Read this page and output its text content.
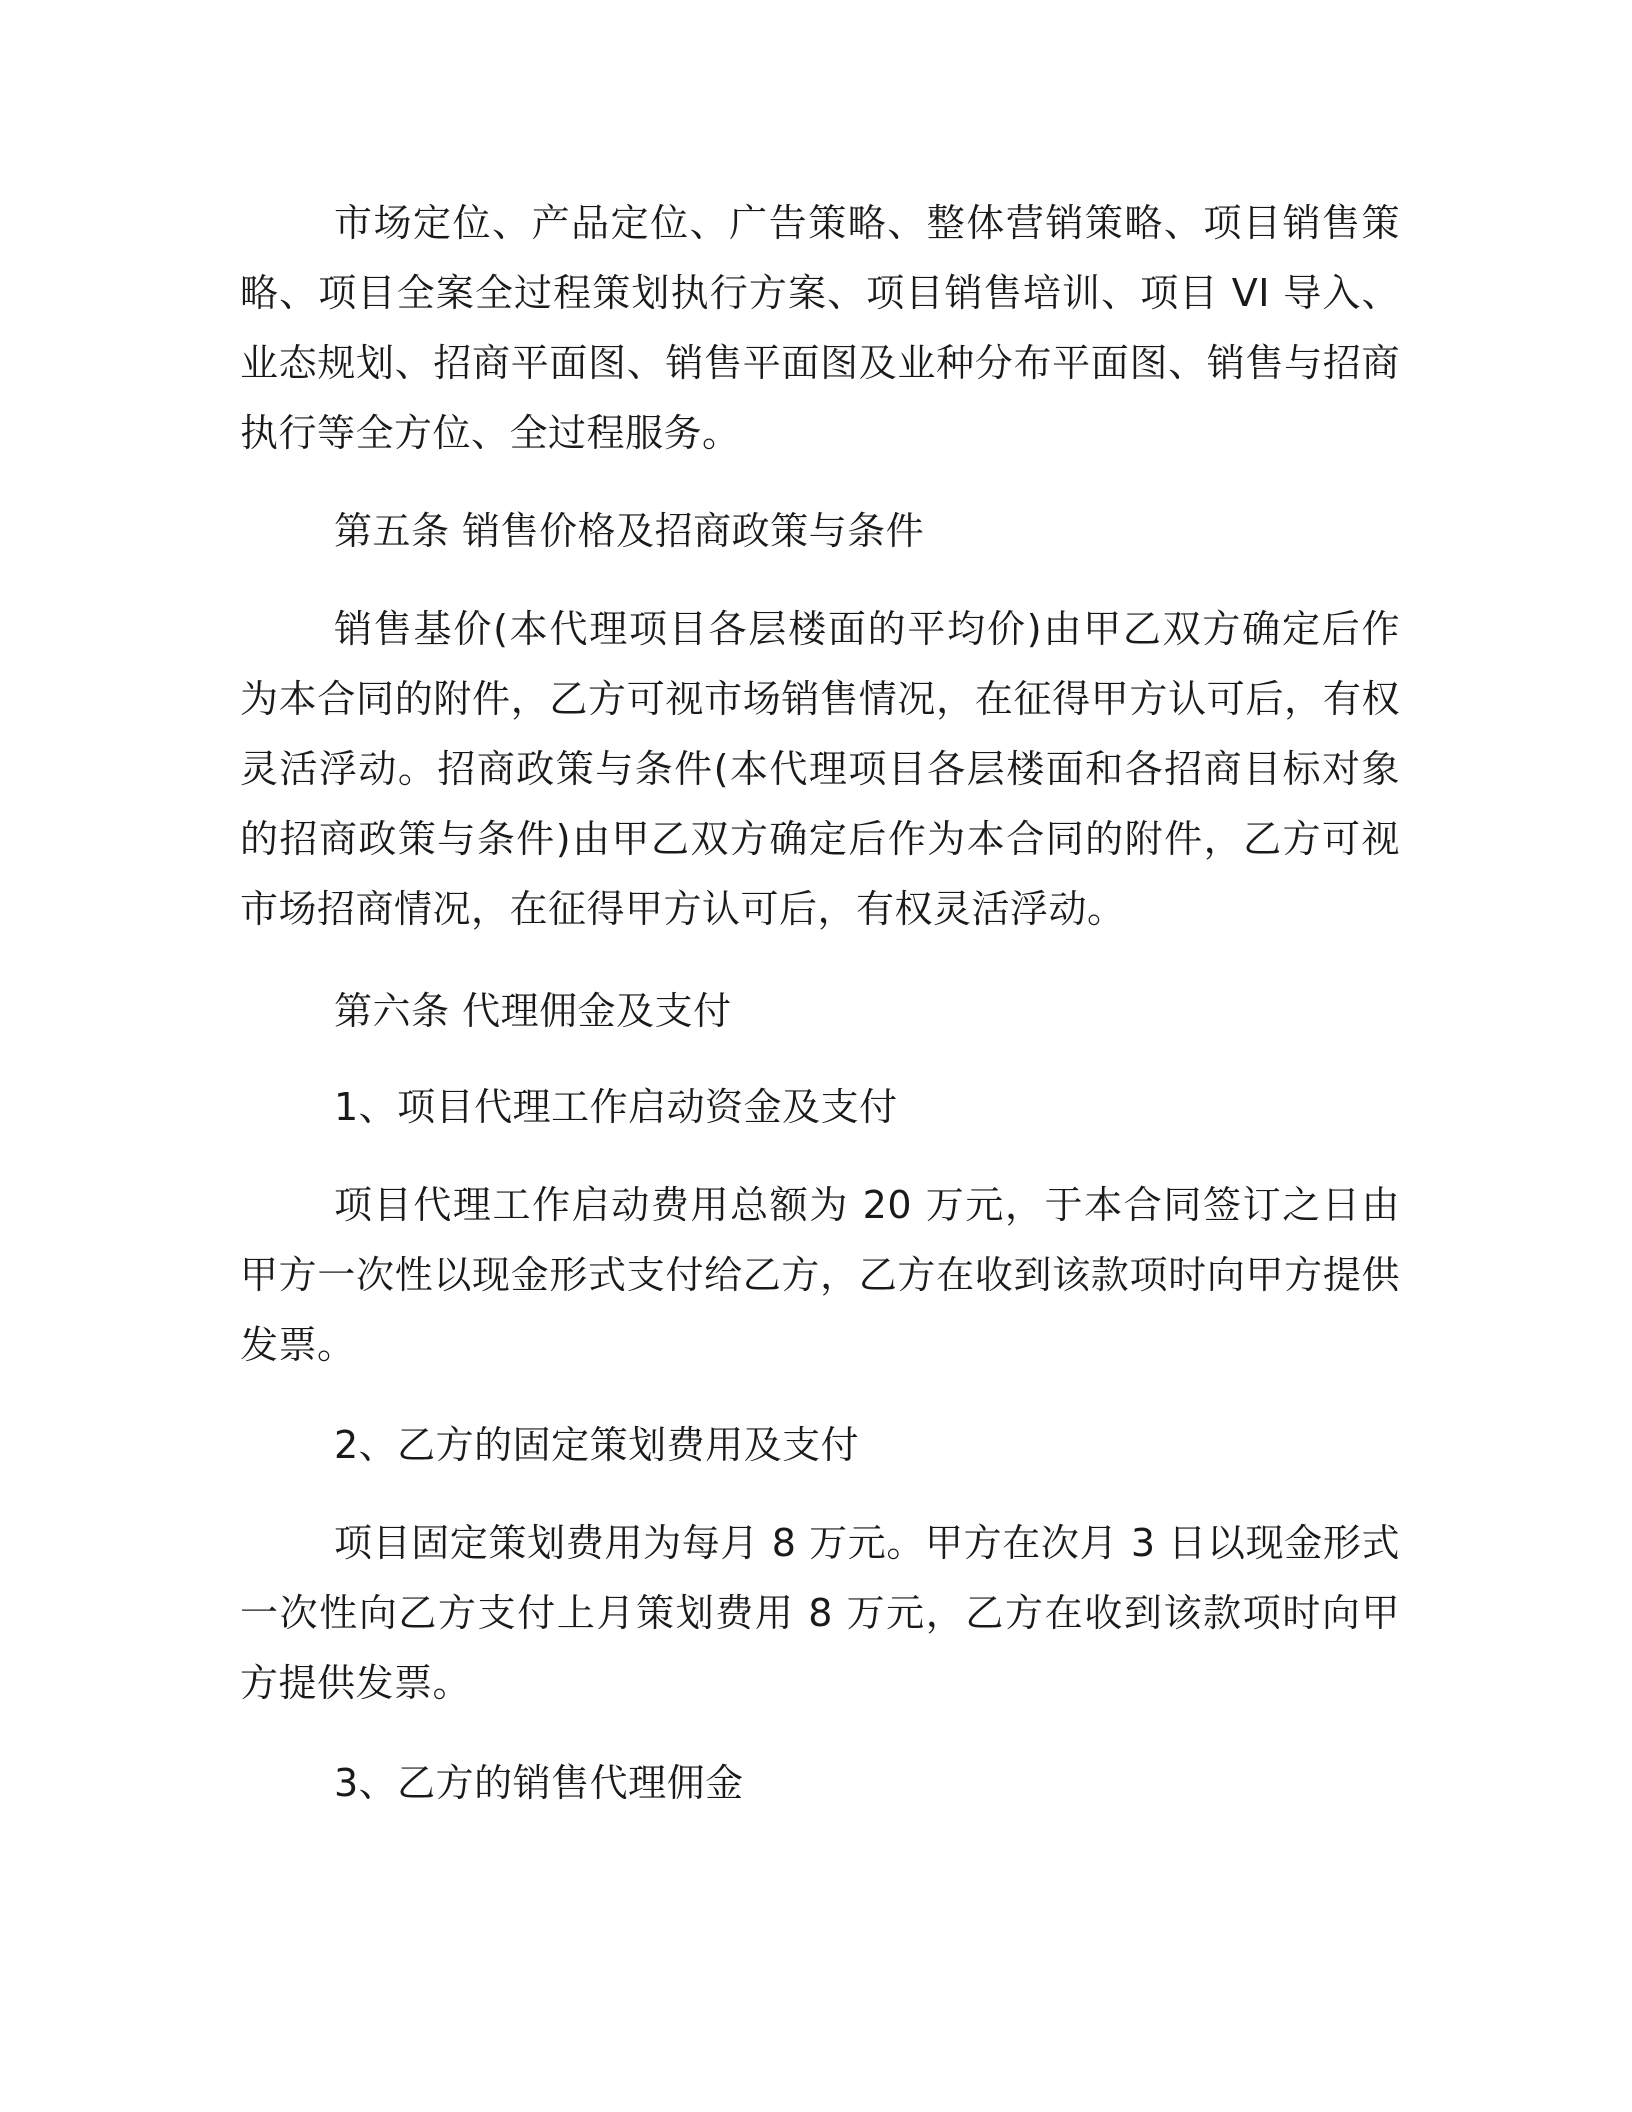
市场定位、产品定位、广告策略、整体营销策略、项目销售策略、项目全案全过程策划执行方案、项目销售培训、项目 VI 导入、业态规划、招商平面图、销售平面图及业种分布平面图、销售与招商执行等全方位、全过程服务。

第五条 销售价格及招商政策与条件

销售基价(本代理项目各层楼面的平均价)由甲乙双方确定后作为本合同的附件，乙方可视市场销售情况，在征得甲方认可后，有权灵活浮动。招商政策与条件(本代理项目各层楼面和各招商目标对象的招商政策与条件)由甲乙双方确定后作为本合同的附件，乙方可视市场招商情况，在征得甲方认可后，有权灵活浮动。

第六条 代理佣金及支付

1、项目代理工作启动资金及支付

项目代理工作启动费用总额为 20 万元，于本合同签订之日由甲方一次性以现金形式支付给乙方，乙方在收到该款项时向甲方提供发票。

2、乙方的固定策划费用及支付

项目固定策划费用为每月 8 万元。甲方在次月 3 日以现金形式一次性向乙方支付上月策划费用 8 万元，乙方在收到该款项时向甲方提供发票。

3、乙方的销售代理佣金
